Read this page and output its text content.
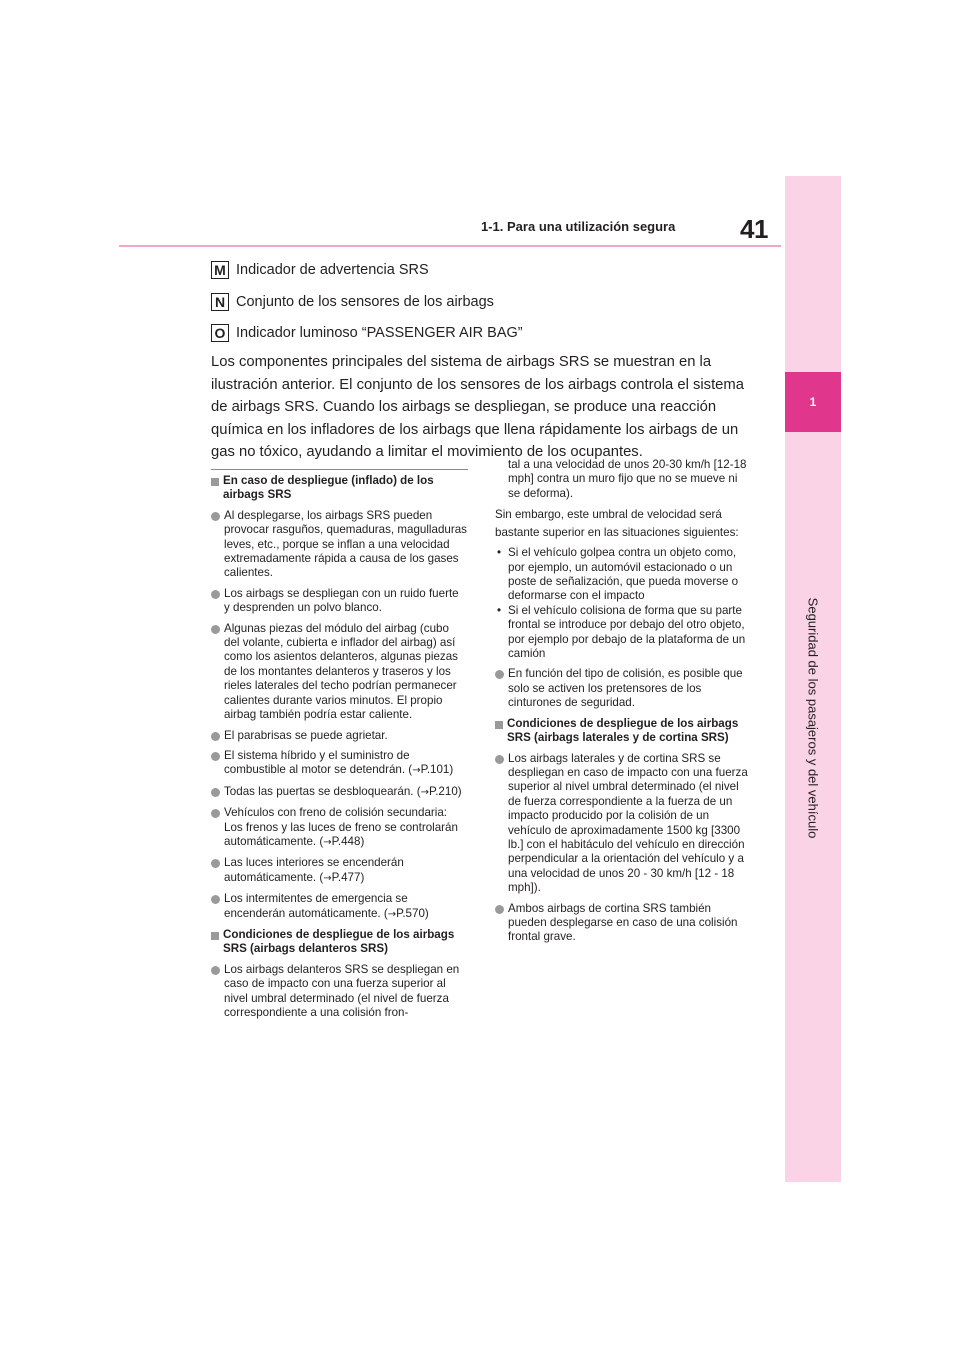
1
Seguridad de los pasajeros y del vehículo
1-1. Para una utilización segura 41
M Indicador de advertencia SRS
N Conjunto de los sensores de los airbags
O Indicador luminoso “PASSENGER AIR BAG”
Los componentes principales del sistema de airbags SRS se muestran en la ilustración anterior. El conjunto de los sensores de los airbags controla el sistema de airbags SRS. Cuando los airbags se despliegan, se produce una reacción química en los infladores de los airbags que llena rápidamente los airbags de un gas no tóxico, ayudando a limitar el movimiento de los ocupantes.

En caso de despliegue (inflado) de los airbags SRS

Al desplegarse, los airbags SRS pueden provocar rasguños, quemaduras, magulladuras leves, etc., porque se inflan a una velocidad extremadamente rápida a causa de los gases calientes.

Los airbags se despliegan con un ruido fuerte y desprenden un polvo blanco.

Algunas piezas del módulo del airbag (cubo del volante, cubierta e inflador del airbag) así como los asientos delanteros, algunas piezas de los montantes delanteros y traseros y los rieles laterales del techo podrían permanecer calientes durante varios minutos. El propio airbag también podría estar caliente.

El parabrisas se puede agrietar.

El sistema híbrido y el suministro de combustible al motor se detendrán. (→P.101)

Todas las puertas se desbloquearán. (→P.210)

Vehículos con freno de colisión secundaria: Los frenos y las luces de freno se controlarán automáticamente. (→P.448)

Las luces interiores se encenderán automáticamente. (→P.477)

Los intermitentes de emergencia se encenderán automáticamente. (→P.570)

Condiciones de despliegue de los airbags SRS (airbags delanteros SRS)

Los airbags delanteros SRS se despliegan en caso de impacto con una fuerza superior al nivel umbral determinado (el nivel de fuerza correspondiente a una colisión fron-

tal a una velocidad de unos 20-30 km/h [12-18 mph] contra un muro fijo que no se mueve ni se deforma).

Sin embargo, este umbral de velocidad será bastante superior en las situaciones siguientes:

• Si el vehículo golpea contra un objeto como, por ejemplo, un automóvil estacionado o un poste de señalización, que pueda moverse o deformarse con el impacto

• Si el vehículo colisiona de forma que su parte frontal se introduce por debajo del otro objeto, por ejemplo por debajo de la plataforma de un camión

En función del tipo de colisión, es posible que solo se activen los pretensores de los cinturones de seguridad.

Condiciones de despliegue de los airbags SRS (airbags laterales y de cortina SRS)

Los airbags laterales y de cortina SRS se despliegan en caso de impacto con una fuerza superior al nivel umbral determinado (el nivel de fuerza correspondiente a la fuerza de un impacto producido por la colisión de un vehículo de aproximadamente 1500 kg [3300 lb.] con el habitáculo del vehículo en dirección perpendicular a la orientación del vehículo y a una velocidad de unos 20 - 30 km/h [12 - 18 mph]).

Ambos airbags de cortina SRS también pueden desplegarse en caso de una colisión frontal grave.
